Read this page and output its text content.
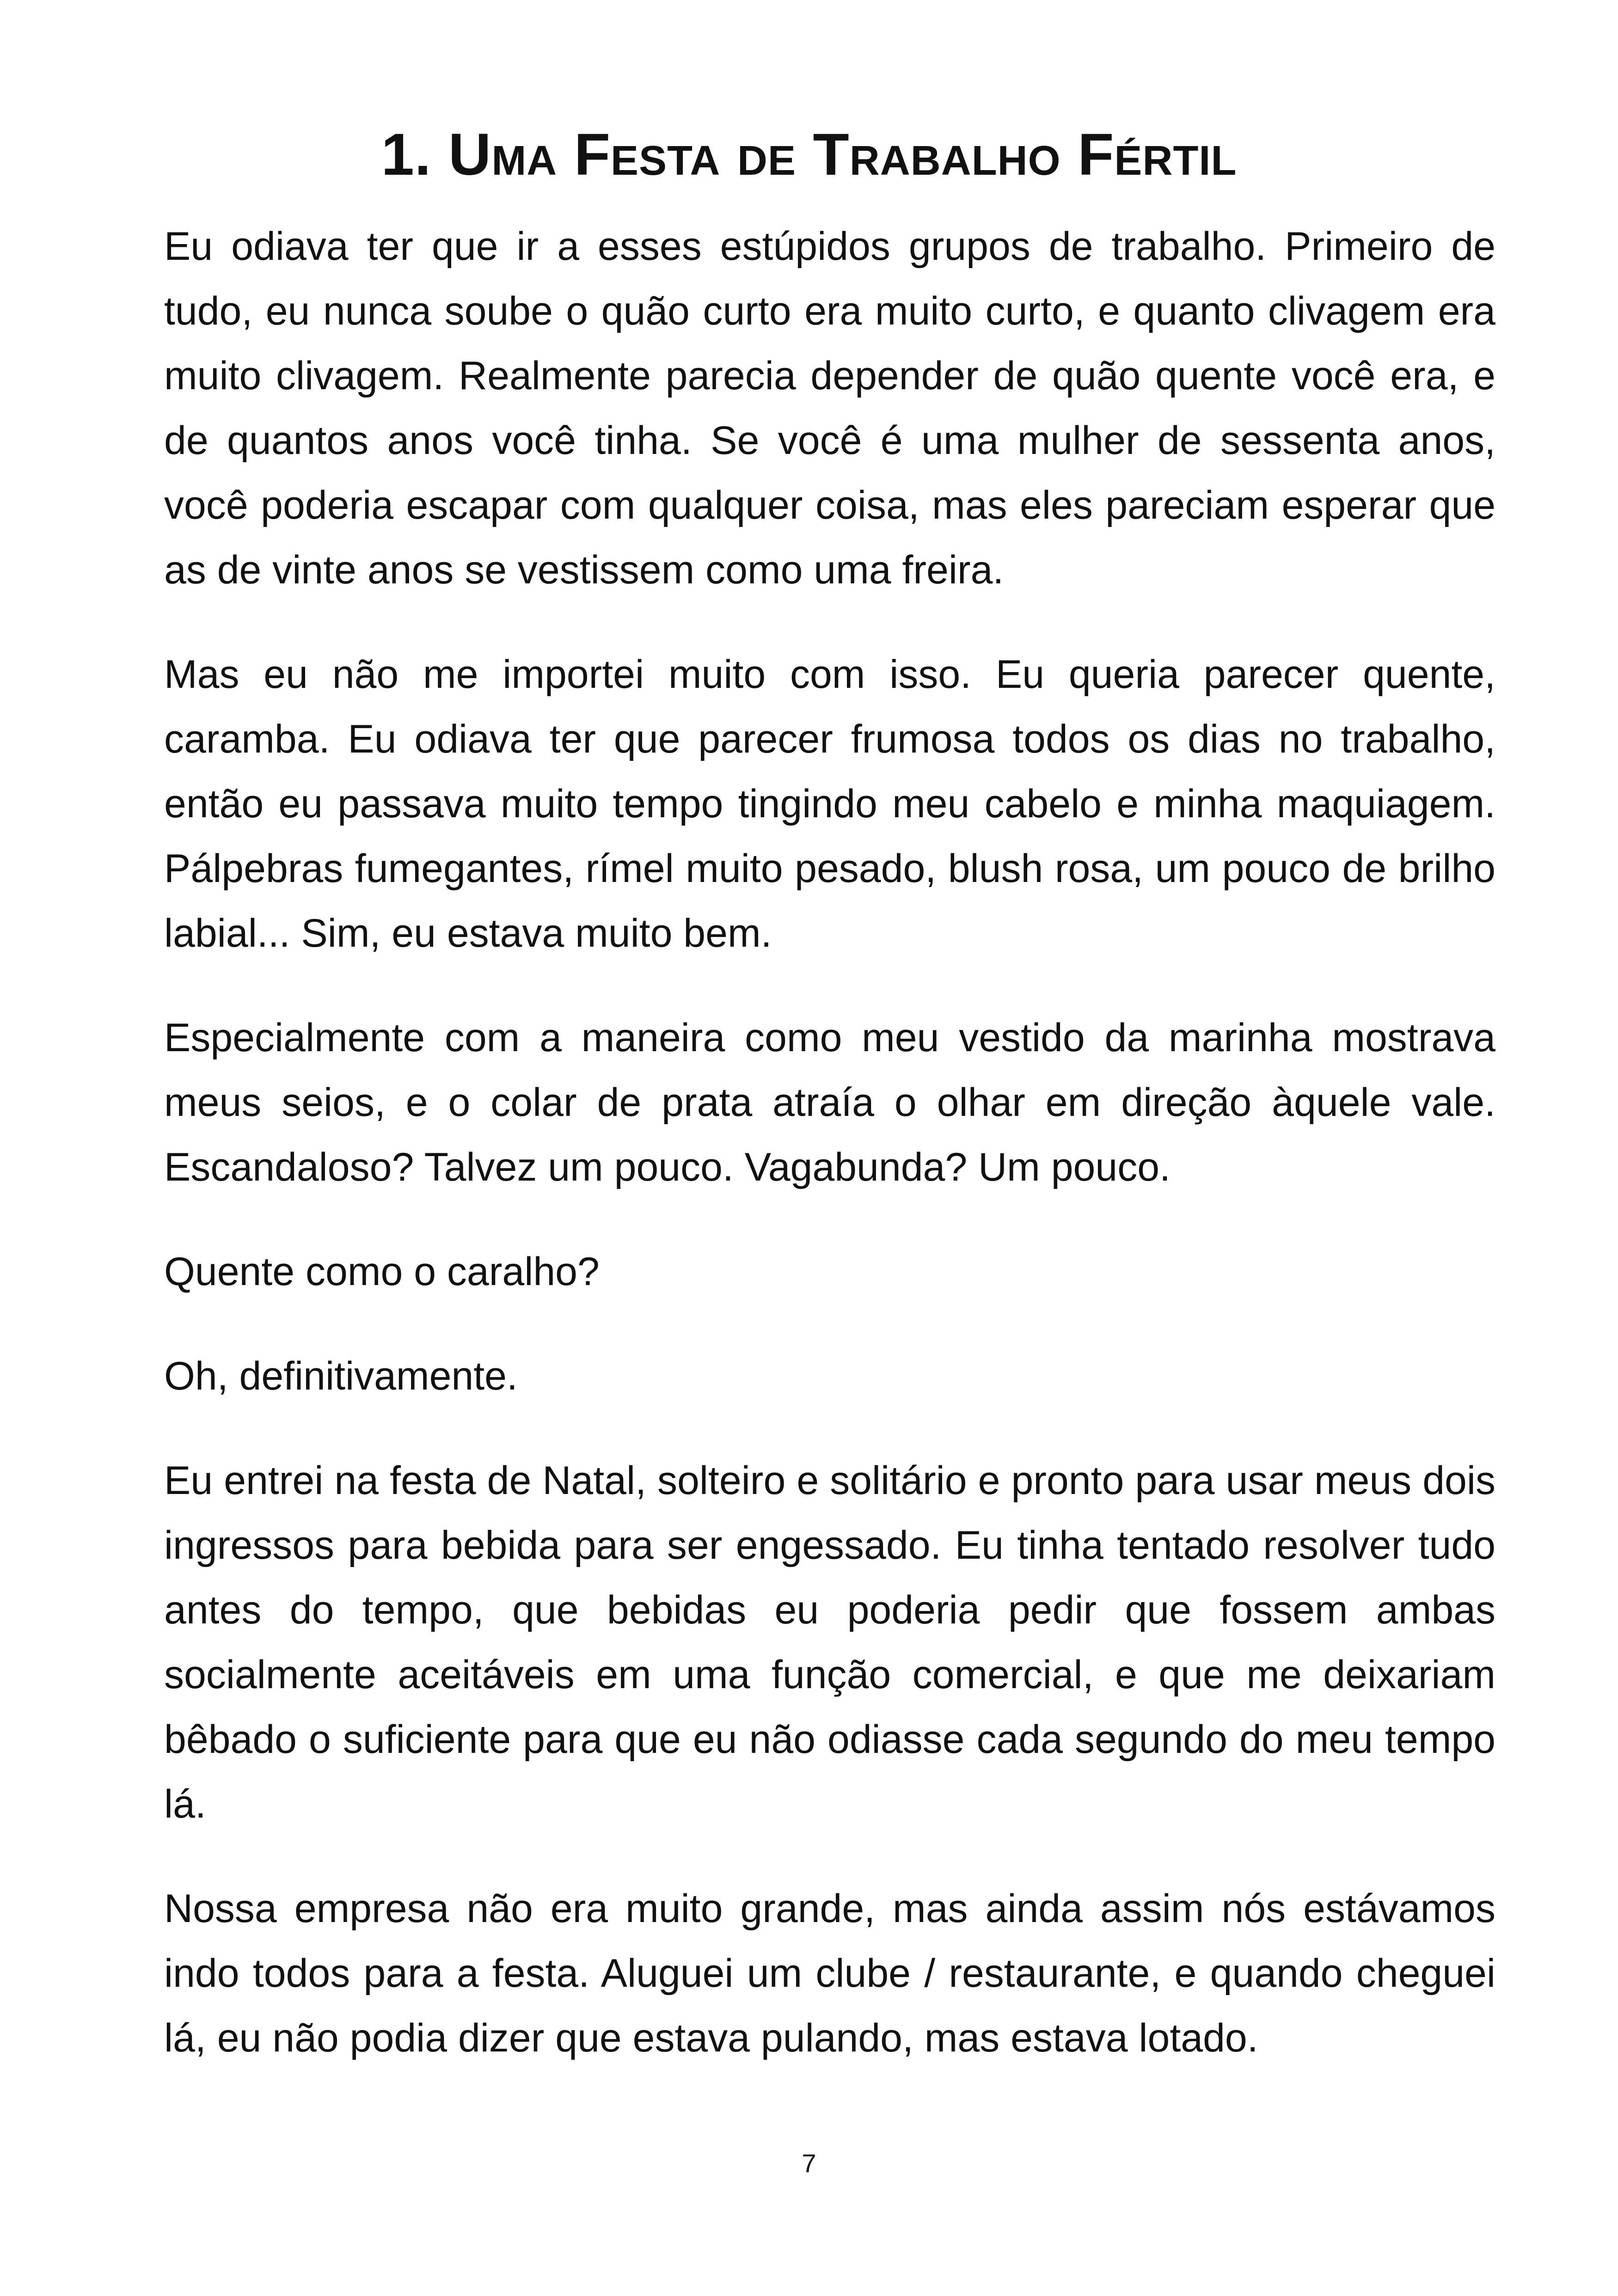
1. Uma Festa de Trabalho Fértil

Eu odiava ter que ir a esses estúpidos grupos de trabalho. Primeiro de tudo, eu nunca soube o quão curto era muito curto, e quanto clivagem era muito clivagem. Realmente parecia depender de quão quente você era, e de quantos anos você tinha. Se você é uma mulher de sessenta anos, você poderia escapar com qualquer coisa, mas eles pareciam esperar que as de vinte anos se vestissem como uma freira.

Mas eu não me importei muito com isso. Eu queria parecer quente, caramba. Eu odiava ter que parecer frumosa todos os dias no trabalho, então eu passava muito tempo tingindo meu cabelo e minha maquiagem. Pálpebras fumegantes, rímel muito pesado, blush rosa, um pouco de brilho labial... Sim, eu estava muito bem.

Especialmente com a maneira como meu vestido da marinha mostrava meus seios, e o colar de prata atraía o olhar em direção àquele vale. Escandaloso? Talvez um pouco. Vagabunda? Um pouco.

Quente como o caralho?

Oh, definitivamente.

Eu entrei na festa de Natal, solteiro e solitário e pronto para usar meus dois ingressos para bebida para ser engessado. Eu tinha tentado resolver tudo antes do tempo, que bebidas eu poderia pedir que fossem ambas socialmente aceitáveis em uma função comercial, e que me deixariam bêbado o suficiente para que eu não odiasse cada segundo do meu tempo lá.

Nossa empresa não era muito grande, mas ainda assim nós estávamos indo todos para a festa. Aluguei um clube / restaurante, e quando cheguei lá, eu não podia dizer que estava pulando, mas estava lotado.

7
